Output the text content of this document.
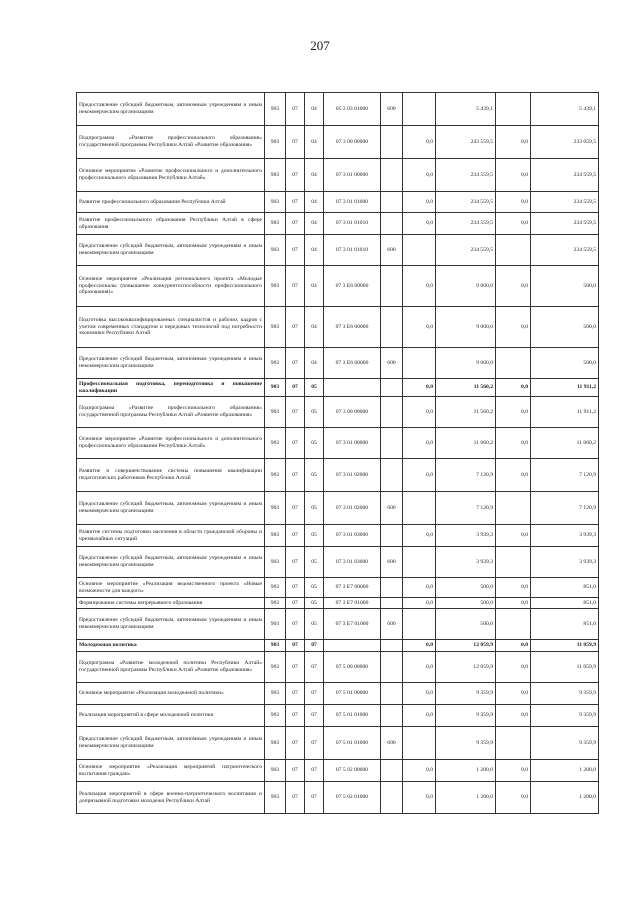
207
Предоставление субсидий бюджетным, автономным учреждениям и иным некоммерческим организациям	903	07	04	05 2 03 01000	600		5 439,1		5 439,1
Подпрограмма «Развитие профессионального образования» государственной программы Республики Алтай «Развитие образования»	903	07	04	07 3 00 00000		0,0	243 559,5	0,0	233 059,5
Основное мероприятие «Развитие профессионального и дополнительного профессионального образования Республики Алтай»	903	07	04	07 3 01 00000		0,0	234 559,5	0,0	234 559,5
Развитие профессионального образования Республики Алтай	903	07	04	07 3 01 01000		0,0	234 559,5	0,0	234 559,5
Развитие профессионального образования Республики Алтай в сфере образования	903	07	04	07 3 01 01010		0,0	234 559,5	0,0	234 559,5
Предоставление субсидий бюджетным, автономным учреждениям и иным некоммерческим организациям	903	07	04	07 3 01 01010	600		234 559,5		234 559,5
Основное мероприятие «Реализация регионального проекта «Молодые профессионалы (повышение конкурентоспособности профессионального образования)»	903	07	04	07 3 Е6 00000		0,0	9 000,0	0,0	500,0
Подготовка высококвалифицированных специалистов и рабочих кадров с учетом современных стандартов и передовых технологий под потребности экономики Республики Алтай	903	07	04	07 3 Е6 00000		0,0	9 000,0	0,0	500,0
Предоставление субсидий бюджетным, автономным учреждениям и иным некоммерческим организациям	903	07	04	07 3 Е6 00000	600		9 000,0		500,0
Профессиональная подготовка, переподготовка и повышение квалификации	903	07	05			0,0	11 560,2	0,0	11 911,2
Подпрограмма «Развитие профессионального образования» государственной программы Республики Алтай «Развитие образования»	903	07	05	07 3 00 00000		0,0	11 560,2	0,0	11 911,2
Основное мероприятие «Развитие профессионального и дополнительного профессионального образования Республики Алтай»	903	07	05	07 3 01 00000		0,0	11 060,2	0,0	11 060,2
Развитие и совершенствование системы повышения квалификации педагогических работников Республики Алтай	903	07	05	07 3 01 02000		0,0	7 120,9	0,0	7 120,9
Предоставление субсидий бюджетным, автономным учреждениям и иным некоммерческим организациям	903	07	05	07 3 01 02000	600		7 120,9		7 120,9
Развитие системы подготовки населения в области гражданской обороны и чрезвычайных ситуаций	903	07	05	07 3 01 03000		0,0	3 939,3	0,0	3 939,3
Предоставление субсидий бюджетным, автономным учреждениям и иным некоммерческим организациям	903	07	05	07 3 01 03000	600		3 939,3		3 939,3
Основное мероприятие «Реализация ведомственного проекта «Новые возможности для каждого»	903	07	05	07 3 Е7 00000		0,0	500,0	0,0	851,0
Формирование системы непрерывного образования	903	07	05	07 3 Е7 01000		0,0	500,0	0,0	851,0
Предоставление субсидий бюджетным, автономным учреждениям и иным некоммерческим организациям	903	07	05	07 3 Е7 01000	600		500,0		851,0
Молодежная политика	903	07	07			0,0	12 059,9	0,0	11 059,9
Подпрограмма «Развитие молодежной политики Республики Алтай» государственной программы Республики Алтай «Развитие образования»	903	07	07	07 5 00 00000		0,0	12 059,9	0,0	11 059,9
Основное мероприятие «Реализация молодежной политики»	903	07	07	07 5 01 00000		0,0	9 359,9	0,0	9 359,9
Реализация мероприятий в сфере молодежной политики	903	07	07	07 5 01 01000		0,0	9 359,9	0,0	9 359,9
Предоставление субсидий бюджетным, автономным учреждениям и иным некоммерческим организациям	903	07	07	07 5 01 01000	600		9 359,9		9 359,9
Основное мероприятие «Реализация мероприятий патриотического воспитания граждан»	903	07	07	07 5 02 00000		0,0	1 200,0	0,0	1 200,0
Реализация мероприятий в сфере военно-патриотического воспитания и допризывной подготовки молодежи Республики Алтай	903	07	07	07 5 02 01000		0,0	1 200,0	0,0	1 200,0
